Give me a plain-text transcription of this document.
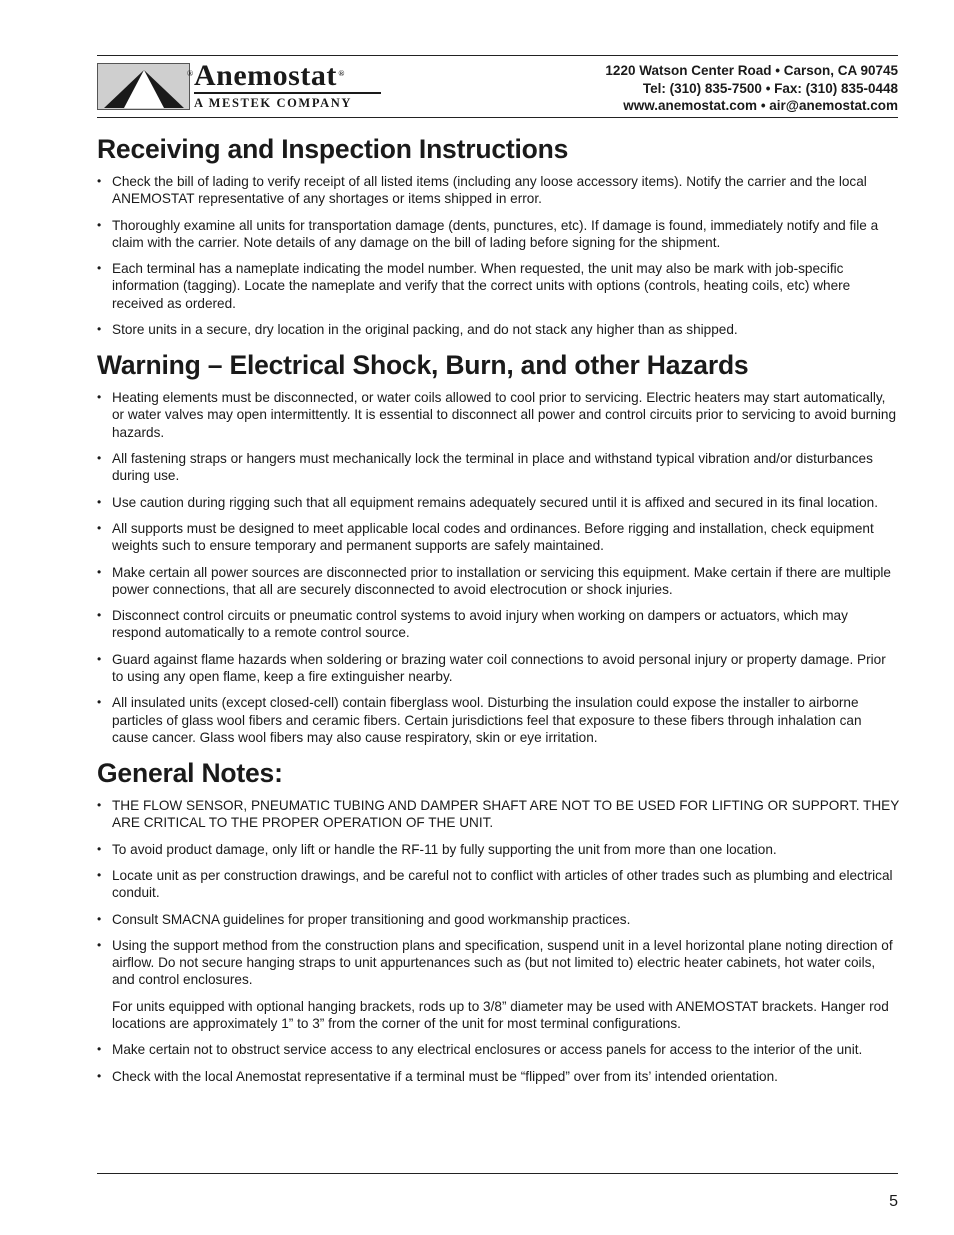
® Anemostat ®
A MESTEK COMPANY
1220 Watson Center Road • Carson, CA 90745
Tel: (310) 835-7500 • Fax: (310) 835-0448
www.anemostat.com • air@anemostat.com
Receiving and Inspection Instructions
• Check the bill of lading to verify receipt of all listed items (including any loose accessory items). Notify the carrier and the local ANEMOSTAT representative of any shortages or items shipped in error.
• Thoroughly examine all units for transportation damage (dents, punctures, etc). If damage is found, immediately notify and file a claim with the carrier. Note details of any damage on the bill of lading before signing for the shipment.
• Each terminal has a nameplate indicating the model number. When requested, the unit may also be mark with job-specific information (tagging). Locate the nameplate and verify that the correct units with options (controls, heating coils, etc) where received as ordered.
• Store units in a secure, dry location in the original packing, and do not stack any higher than as shipped.
Warning – Electrical Shock, Burn, and other Hazards
• Heating elements must be disconnected, or water coils allowed to cool prior to servicing. Electric heaters may start automatically, or water valves may open intermittently. It is essential to disconnect all power and control circuits prior to servicing to avoid burning hazards.
• All fastening straps or hangers must mechanically lock the terminal in place and withstand typical vibration and/or disturbances during use.
• Use caution during rigging such that all equipment remains adequately secured until it is affixed and secured in its final location.
• All supports must be designed to meet applicable local codes and ordinances. Before rigging and installation, check equipment weights such to ensure temporary and permanent supports are safely maintained.
• Make certain all power sources are disconnected prior to installation or servicing this equipment. Make certain if there are multiple power connections, that all are securely disconnected to avoid electrocution or shock injuries.
• Disconnect control circuits or pneumatic control systems to avoid injury when working on dampers or actuators, which may respond automatically to a remote control source.
• Guard against flame hazards when soldering or brazing water coil connections to avoid personal injury or property damage. Prior to using any open flame, keep a fire extinguisher nearby.
• All insulated units (except closed-cell) contain fiberglass wool. Disturbing the insulation could expose the installer to airborne particles of glass wool fibers and ceramic fibers. Certain jurisdictions feel that exposure to these fibers through inhalation can cause cancer. Glass wool fibers may also cause respiratory, skin or eye irritation.
General Notes:
• THE FLOW SENSOR, PNEUMATIC TUBING AND DAMPER SHAFT ARE NOT TO BE USED FOR LIFTING OR SUPPORT. THEY ARE CRITICAL TO THE PROPER OPERATION OF THE UNIT.
• To avoid product damage, only lift or handle the RF-11 by fully supporting the unit from more than one location.
• Locate unit as per construction drawings, and be careful not to conflict with articles of other trades such as plumbing and electrical conduit.
• Consult SMACNA guidelines for proper transitioning and good workmanship practices.
• Using the support method from the construction plans and specification, suspend unit in a level horizontal plane noting direction of airflow. Do not secure hanging straps to unit appurtenances such as (but not limited to) electric heater cabinets, hot water coils, and control enclosures.

For units equipped with optional hanging brackets, rods up to 3/8” diameter may be used with ANEMOSTAT brackets. Hanger rod locations are approximately 1” to 3” from the corner of the unit for most terminal configurations.

• Make certain not to obstruct service access to any electrical enclosures or access panels for access to the interior of the unit.
• Check with the local Anemostat representative if a terminal must be “flipped” over from its’ intended orientation.
5
